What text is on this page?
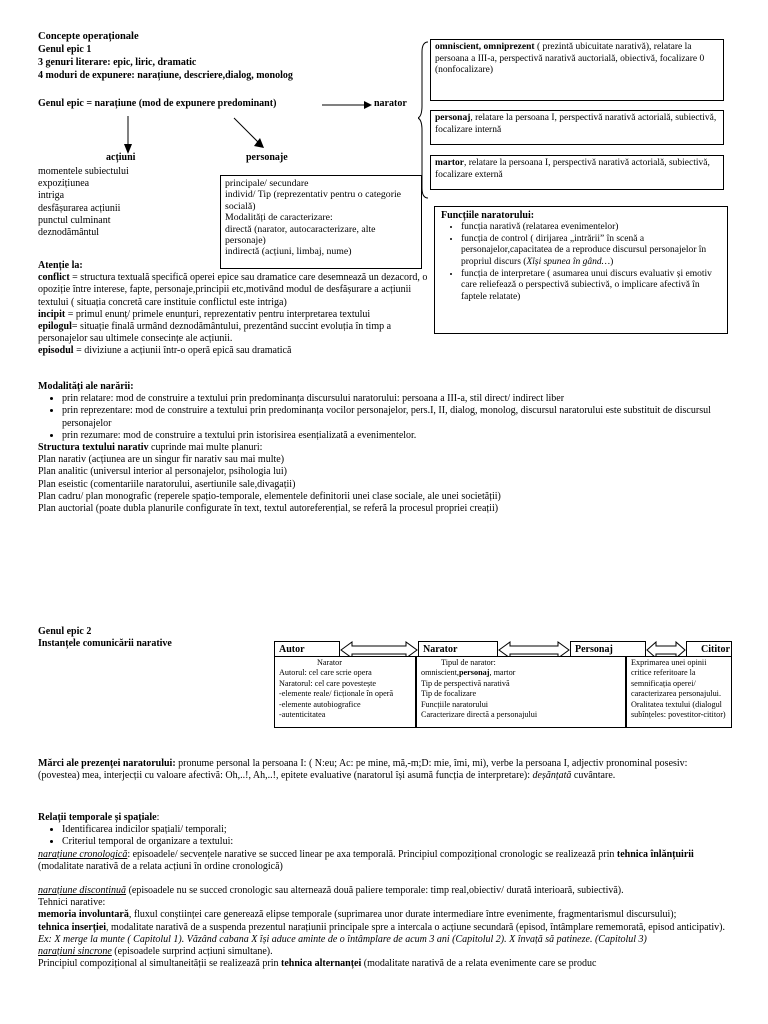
Concepte operaționale
Genul epic 1
3 genuri literare: epic, liric, dramatic
4 moduri de expunere: narațiune, descriere,dialog, monolog
Genul epic = narațiune (mod de expunere predominant)	narator
acțiuni	personaje
momentele subiectului
expozițiunea
intriga
desfășurarea acțiunii
punctul culminant
deznodământul
principale/ secundare
individ/ Tip (reprezentativ pentru o categorie socială)
Modalități de caracterizare:
directă (narator, autocaracterizare, alte personaje)
indirectă (acțiuni, limbaj, nume)
omniscient, omniprezent ( prezintă ubicuitate narativă), relatare la persoana a III-a, perspectivă narativă auctorială, obiectivă, focalizare 0 (nonfocalizare)
personaj, relatare la persoana I, perspectivă narativă actorială, subiectivă, focalizare internă
martor, relatare la persoana I, perspectivă narativă actorială, subiectivă, focalizare externă
Funcțiile naratorului:
• funcția narativă (relatarea evenimentelor)
• funcția de control ( dirijarea „intrării” în scenă a personajelor,capacitatea de a reproduce discursul personajelor în propriul discurs (Xîși spunea în gând…)
• funcția de interpretare ( asumarea unui discurs evaluativ și emotiv care reliefează o perspectivă subiectivă, o implicare afectivă în faptele relatate)
Atenție la:
conflict = structura textuală specifică operei epice sau dramatice care desemnează un dezacord, o opoziție între interese, fapte, personaje,principii etc,motivând modul de desfășurare a acțiunii textului ( situația concretă care instituie conflictul este intriga)
incipit = primul enunț/ primele enunțuri, reprezentativ pentru interpretarea textului
epilogul= situație finală urmând deznodământului, prezentând succint evoluția în timp a personajelor sau ultimele consecințe ale acțiunii.
episodul = diviziune a acțiunii într-o operă epică sau dramatică
Modalități ale narării:
• prin relatare: mod de construire a textului prin predominanța discursului naratorului: persoana a III-a, stil direct/ indirect liber
• prin reprezentare: mod de construire a textului prin predominanța vocilor personajelor, pers.I, II, dialog, monolog, discursul naratorului este substituit de discursul personajelor
• prin rezumare: mod de construire a textului prin istorisirea esențializată a evenimentelor.
Structura textului narativ cuprinde mai multe planuri:
Plan narativ (acțiunea are un singur fir narativ sau mai multe)
Plan analitic (universul interior al personajelor, psihologia lui)
Plan eseistic (comentariile naratorului, asertiunile sale,divagații)
Plan cadru/ plan monografic (reperele spațio-temporale, elementele definitorii unei clase sociale, ale unei societății)
Plan auctorial (poate dubla planurile configurate în text, textul autoreferențial, se referă la procesul propriei creații)
Genul epic 2
Instanțele comunicării narative
Autor	Narator	Personaj	Cititor
Narator
Autorul: cel care scrie opera
Naratorul: cel care povestește
-elemente reale/ ficționale în operă
-elemente autobiografice
-autenticitatea
Tipul de narator:
omniscient,personaj, martor
Tip de perspectivă narativă
Tip de focalizare
Funcțiile naratorului
Caracterizare directă a personajului
Exprimarea unei opinii critice referitoare la semnificația operei/ caracterizarea personajului.
Oralitatea textului (dialogul subînțeles: povestitor-cititor)
Mărci ale prezenței naratorului: pronume personal la persoana I: ( N:eu; Ac: pe mine, mă,-m;D: mie, îmi, mi), verbe la persoana I, adjectiv pronominal posesiv: (povestea) mea, interjecții cu valoare afectivă: Oh,..!, Ah,..!, epitete evaluative (naratorul își asumă funcția de interpretare): deșănțată cuvântare.
Relații temporale și spațiale:
• Identificarea indicilor spațiali/ temporali;
• Criteriul temporal de organizare a textului:
narațiune cronologică: episoadele/ secvențele narative se succed linear pe axa temporală. Principiul compozițional cronologic se realizează prin tehnica înlănțuirii (modalitate narativă de a relata acțiuni în ordine cronologică)
narațiune discontinuă (episoadele nu se succed cronologic sau alternează două paliere temporale: timp real,obiectiv/ durată interioară, subiectivă).
Tehnici narative:
memoria involuntară, fluxul conștiinței care generează elipse temporale (suprimarea unor durate intermediare între evenimente, fragmentarismul discursului);
tehnica inserției, modalitate narativă de a suspenda prezentul narațiunii principale spre a intercala o acțiune secundară (episod, întâmplare rememorată, episod anticipativ).
Ex: X merge la munte ( Capitolul 1). Văzând cabana X își aduce aminte de o întâmplare de acum 3 ani (Capitolul 2). X învață să patineze. (Capitolul 3)
narațiuni sincrone (episoadele surprind acțiuni simultane).
Principiul compozițional al simultaneității se realizează prin tehnica alternanței (modalitate narativă de a relata evenimente care se produc
